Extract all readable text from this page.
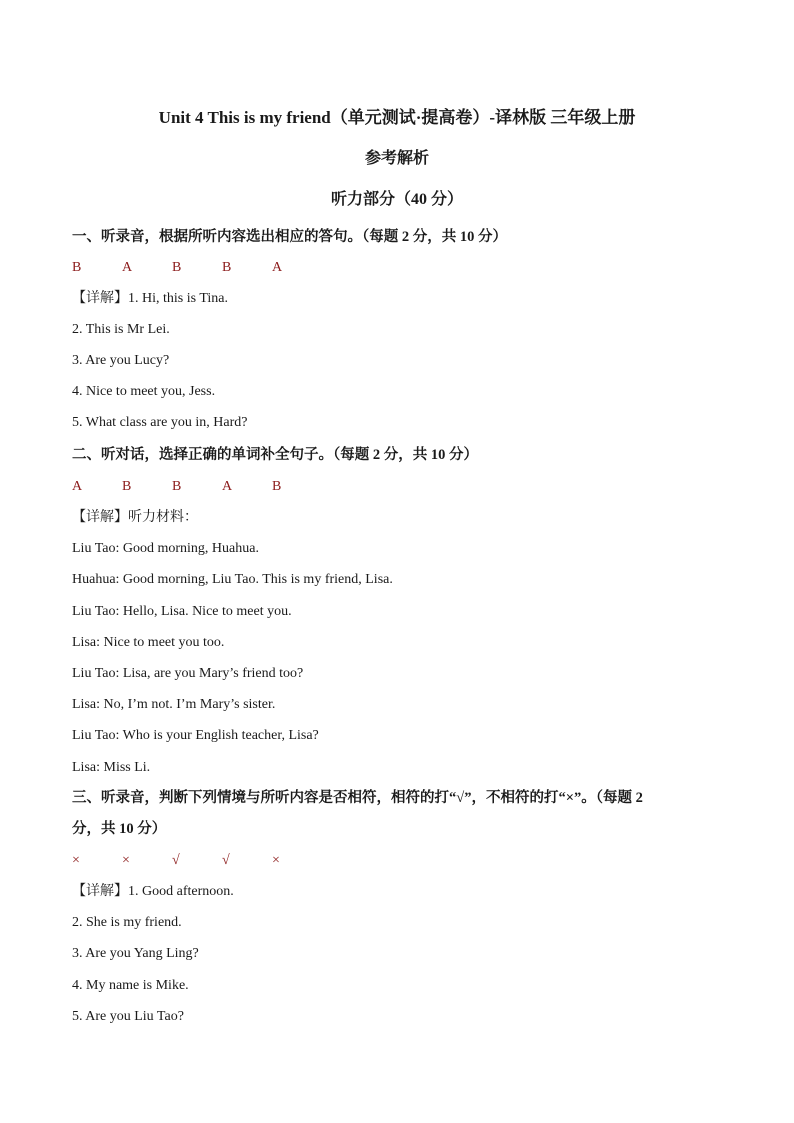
Unit 4 This is my friend（单元测试·提高卷）-译林版 三年级上册
参考解析
听力部分（40 分）
一、听录音，根据所听内容选出相应的答句。（每题 2 分，共 10 分）
B	A	B	B	A
【详解】1. Hi, this is Tina.
2. This is Mr Lei.
3. Are you Lucy?
4. Nice to meet you, Jess.
5. What class are you in, Hard?
二、听对话，选择正确的单词补全句子。（每题 2 分，共 10 分）
A	B	B	A	B
【详解】听力材料：
Liu Tao: Good morning, Huahua.
Huahua: Good morning, Liu Tao. This is my friend, Lisa.
Liu Tao: Hello, Lisa. Nice to meet you.
Lisa: Nice to meet you too.
Liu Tao: Lisa, are you Mary’s friend too?
Lisa: No, I’m not. I’m Mary’s sister.
Liu Tao: Who is your English teacher, Lisa?
Lisa: Miss Li.
三、听录音，判断下列情境与所听内容是否相符，相符的打“√”，不相符的打“×”。（每题 2
分，共 10 分）
×	×	√	√	×
【详解】1. Good afternoon.
2. She is my friend.
3. Are you Yang Ling?
4. My name is Mike.
5. Are you Liu Tao?
